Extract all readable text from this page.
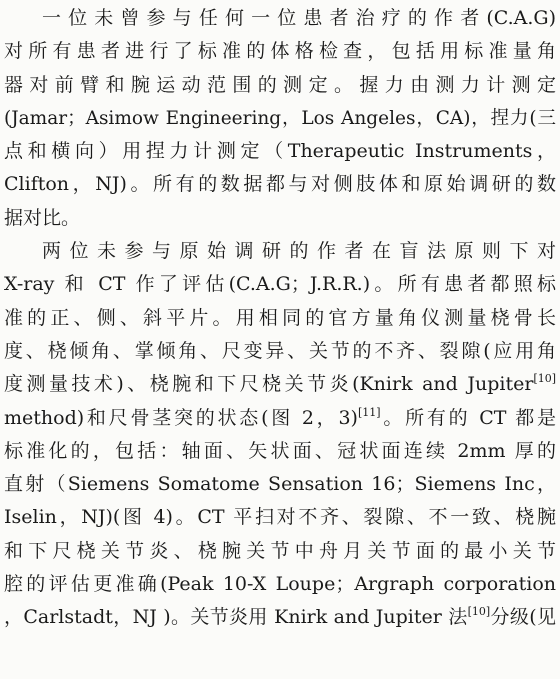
一位未曾参与任何一位患者治疗的作者(C.A.G)
对所有患者进行了标准的体格检查，包括用标准量角
器对前臂和腕运动范围的测定。握力由测力计测定
(Jamar；Asimow Engineering，Los Angeles，CA)，捏力(三
点和横向）用捏力计测定（Therapeutic Instruments，
Clifton，NJ)。所有的数据都与对侧肢体和原始调研的数
据对比。
两位未参与原始调研的作者在盲法原则下对
X-ray 和 CT 作了评估(C.A.G；J.R.R.)。所有患者都照标
准的正、侧、斜平片。用相同的官方量角仪测量桡骨长
度、桡倾角、掌倾角、尺变异、关节的不齐、裂隙(应用角
度测量技术)、桡腕和下尺桡关节炎(Knirk and Jupiter[10]
method)和尺骨茎突的状态(图 2，3)[11]。所有的 CT 都是
标准化的，包括：轴面、矢状面、冠状面连续 2mm 厚的
直射（Siemens Somatome Sensation 16；Siemens Inc，
Iselin，NJ)(图 4)。CT 平扫对不齐、裂隙、不一致、桡腕
和下尺桡关节炎、桡腕关节中舟月关节面的最小关节
腔的评估更准确(Peak 10-X Loupe；Argraph corporation
，Carlstadt，NJ )。关节炎用 Knirk and Jupiter 法[10]分级(见
